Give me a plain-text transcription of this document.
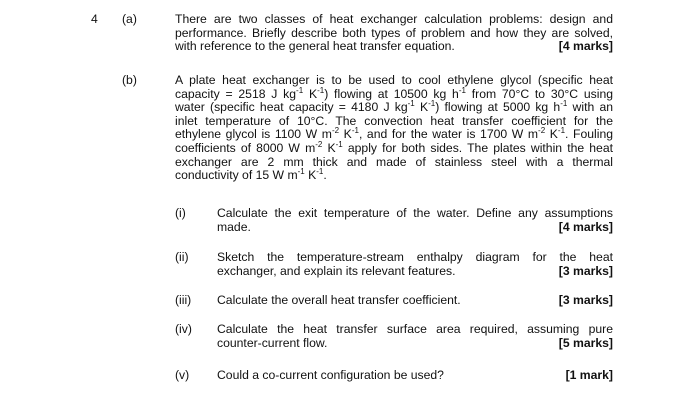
4 (a)	There are two classes of heat exchanger calculation problems: design and
performance. Briefly describe both types of problem and how they are solved,
with reference to the general heat transfer equation.	[4 marks]
(b)	A plate heat exchanger is to be used to cool ethylene glycol (specific heat
capacity = 2518 J $kg^{-1}$ $K^{-1}$) flowing at 10500 kg $h^{-1}$ from 70°C to 30°C using
water (specific heat capacity = 4180 J $kg^{-1}$ $K^{-1}$) flowing at 5000 kg $h^{-1}$ with an
inlet temperature of 10°C. The convection heat transfer coefficient for the
ethylene glycol is 1100 W $m^{-2}$ $K^{-1}$, and for the water is 1700 W $m^{-2}$ $K^{-1}$. Fouling
coefficients of 8000 W $m^{-2}$ $K^{-1}$ apply for both sides. The plates within the heat
exchanger are 2 mm thick and made of stainless steel with a thermal
conductivity of 15 W $m^{-1}$ $K^{-1}$.
(i)	Calculate the exit temperature of the water. Define any assumptions
made.	[4 marks]
(ii) Sketch the temperature-stream enthalpy diagram for the heat
exchanger, and explain its relevant features.	[3 marks]
(iii) Calculate the overall heat transfer coefficient.	[3 marks]
(iv) Calculate the heat transfer surface area required, assuming pure
counter-current flow.	[5 marks]
(v) Could a co-current configuration be used?	[1 mark]
